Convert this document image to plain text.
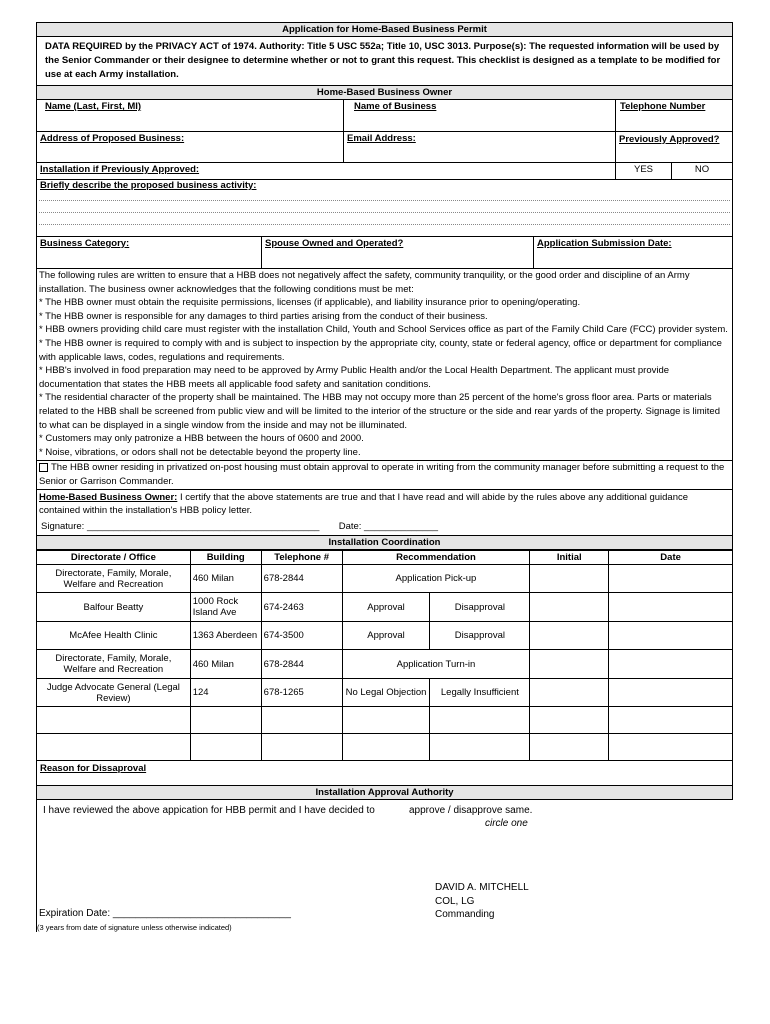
Application for Home-Based Business Permit
DATA REQUIRED by the PRIVACY ACT of 1974. Authority: Title 5 USC 552a; Title 10, USC 3013. Purpose(s): The requested information will be used by the Senior Commander or their designee to determine whether or not to grant this request. This checklist is designed as a template to be modified for use at each Army installation.
Home-Based Business Owner
Name (Last, First, MI)	Name of Business	Telephone Number
Address of Proposed Business:	Email Address:	Previously Approved?
Installation if Previously Approved:	YES	NO
Briefly describe the proposed business activity:
Business Category:	Spouse Owned and Operated?	Application Submission Date:

The following rules are written to ensure that a HBB does not negatively affect the safety, community tranquility, or the good order and discipline of an Army installation. The business owner acknowledges that the following conditions must be met:

* The HBB owner must obtain the requisite permissions, licenses (if applicable), and liability insurance prior to opening/operating.

* The HBB owner is responsible for any damages to third parties arising from the conduct of their business.

* HBB owners providing child care must register with the installation Child, Youth and School Services office as part of the Family Child Care (FCC) provider system.

* The HBB owner is required to comply with and is subject to inspection by the appropriate city, county, state or federal agency, office or department for compliance with applicable laws, codes, regulations and requirements.

* HBB's involved in food preparation may need to be approved by Army Public Health and/or the Local Health Department. The applicant must provide documentation that states the HBB meets all applicable food safety and sanitation conditions.

* The residential character of the property shall be maintained. The HBB may not occupy more than 25 percent of the home's gross floor area. Parts or materials related to the HBB shall be screened from public view and will be limited to the interior of the structure or the side and rear yards of the property. Signage is limited to what can be displayed in a single window from the inside and may not be illuminated.

* Customers may only patronize a HBB between the hours of 0600 and 2000.

* Noise, vibrations, or odors shall not be detectable beyond the property line.

The HBB owner residing in privatized on-post housing must obtain approval to operate in writing from the community manager before submitting a request to the Senior or Garrison Commander.

Home-Based Business Owner: I certify that the above statements are true and that I have read and will abide by the rules above any additional guidance contained within the installation's HBB policy letter.

Signature: ____________________________________________ Date: ______________

Installation Coordination
Directorate / Office	Building	Telephone #	Recommendation		Initial	Date
Directorate, Family, Morale, Welfare and Recreation	460 Milan	678-2844	Application Pick-up			
Balfour Beatty	1000 Rock Island Ave	674-2463	Approval	Disapproval		
McAfee Health Clinic	1363 Aberdeen	674-3500	Approval	Disapproval		
Directorate, Family, Morale, Welfare and Recreation	460 Milan	678-2844	Application Turn-in			
Judge Advocate General (Legal Review)	124	678-1265	No Legal Objection	Legally Insufficient		

Reason for Dissaproval
Installation Approval Authority
I have reviewed the above appication for HBB permit and I have decided to	approve / disapprove same.
circle one
DAVID A. MITCHELL
COL, LG
Commanding
Expiration Date: ________________________________
(3 years from date of signature unless otherwise indicated)
